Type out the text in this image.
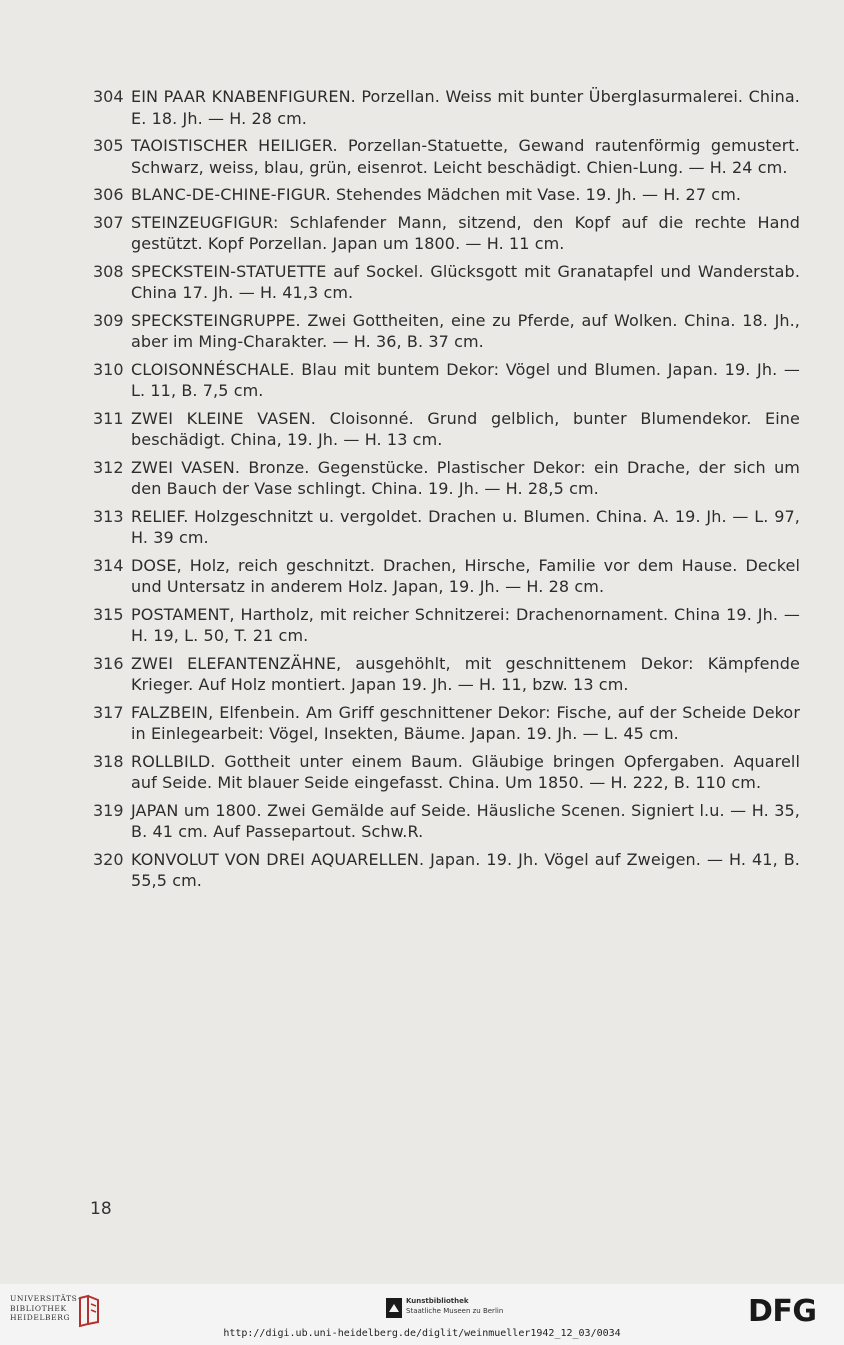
304 EIN PAAR KNABENFIGUREN. Porzellan. Weiss mit bunter Überglasurmalerei. China. E. 18. Jh. — H. 28 cm.
305 TAOISTISCHER HEILIGER. Porzellan-Statuette, Gewand rautenförmig gemustert. Schwarz, weiss, blau, grün, eisenrot. Leicht beschädigt. Chien-Lung. — H. 24 cm.
306 BLANC-DE-CHINE-FIGUR. Stehendes Mädchen mit Vase. 19. Jh. — H. 27 cm.
307 STEINZEUGFIGUR: Schlafender Mann, sitzend, den Kopf auf die rechte Hand gestützt. Kopf Porzellan. Japan um 1800. — H. 11 cm.
308 SPECKSTEIN-STATUETTE auf Sockel. Glücksgott mit Granatapfel und Wanderstab. China 17. Jh. — H. 41,3 cm.
309 SPECKSTEINGRUPPE. Zwei Gottheiten, eine zu Pferde, auf Wolken. China. 18. Jh., aber im Ming-Charakter. — H. 36, B. 37 cm.
310 CLOISONNÉSCHALE. Blau mit buntem Dekor: Vögel und Blumen. Japan. 19. Jh. — L. 11, B. 7,5 cm.
311 ZWEI KLEINE VASEN. Cloisonné. Grund gelblich, bunter Blumendekor. Eine beschädigt. China, 19. Jh. — H. 13 cm.
312 ZWEI VASEN. Bronze. Gegenstücke. Plastischer Dekor: ein Drache, der sich um den Bauch der Vase schlingt. China. 19. Jh. — H. 28,5 cm.
313 RELIEF. Holzgeschnitzt u. vergoldet. Drachen u. Blumen. China. A. 19. Jh. — L. 97, H. 39 cm.
314 DOSE, Holz, reich geschnitzt. Drachen, Hirsche, Familie vor dem Hause. Deckel und Untersatz in anderem Holz. Japan, 19. Jh. — H. 28 cm.
315 POSTAMENT, Hartholz, mit reicher Schnitzerei: Drachenornament. China 19. Jh. — H. 19, L. 50, T. 21 cm.
316 ZWEI ELEFANTENZÄHNE, ausgehöhlt, mit geschnittenem Dekor: Kämpfende Krieger. Auf Holz montiert. Japan 19. Jh. — H. 11, bzw. 13 cm.
317 FALZBEIN, Elfenbein. Am Griff geschnittener Dekor: Fische, auf der Scheide Dekor in Einlegearbeit: Vögel, Insekten, Bäume. Japan. 19. Jh. — L. 45 cm.
318 ROLLBILD. Gottheit unter einem Baum. Gläubige bringen Opfergaben. Aquarell auf Seide. Mit blauer Seide eingefasst. China. Um 1850. — H. 222, B. 110 cm.
319 JAPAN um 1800. Zwei Gemälde auf Seide. Häusliche Scenen. Signiert l.u. — H. 35, B. 41 cm. Auf Passepartout. Schw.R.
320 KONVOLUT VON DREI AQUARELLEN. Japan. 19. Jh. Vögel auf Zweigen. — H. 41, B. 55,5 cm.
18
UNIVERSITÄTS-
BIBLIOTHEK
HEIDELBERG
Kunstbibliothek
Staatliche Museen zu Berlin	DFG
http://digi.ub.uni-heidelberg.de/diglit/weinmueller1942_12_03/0034
